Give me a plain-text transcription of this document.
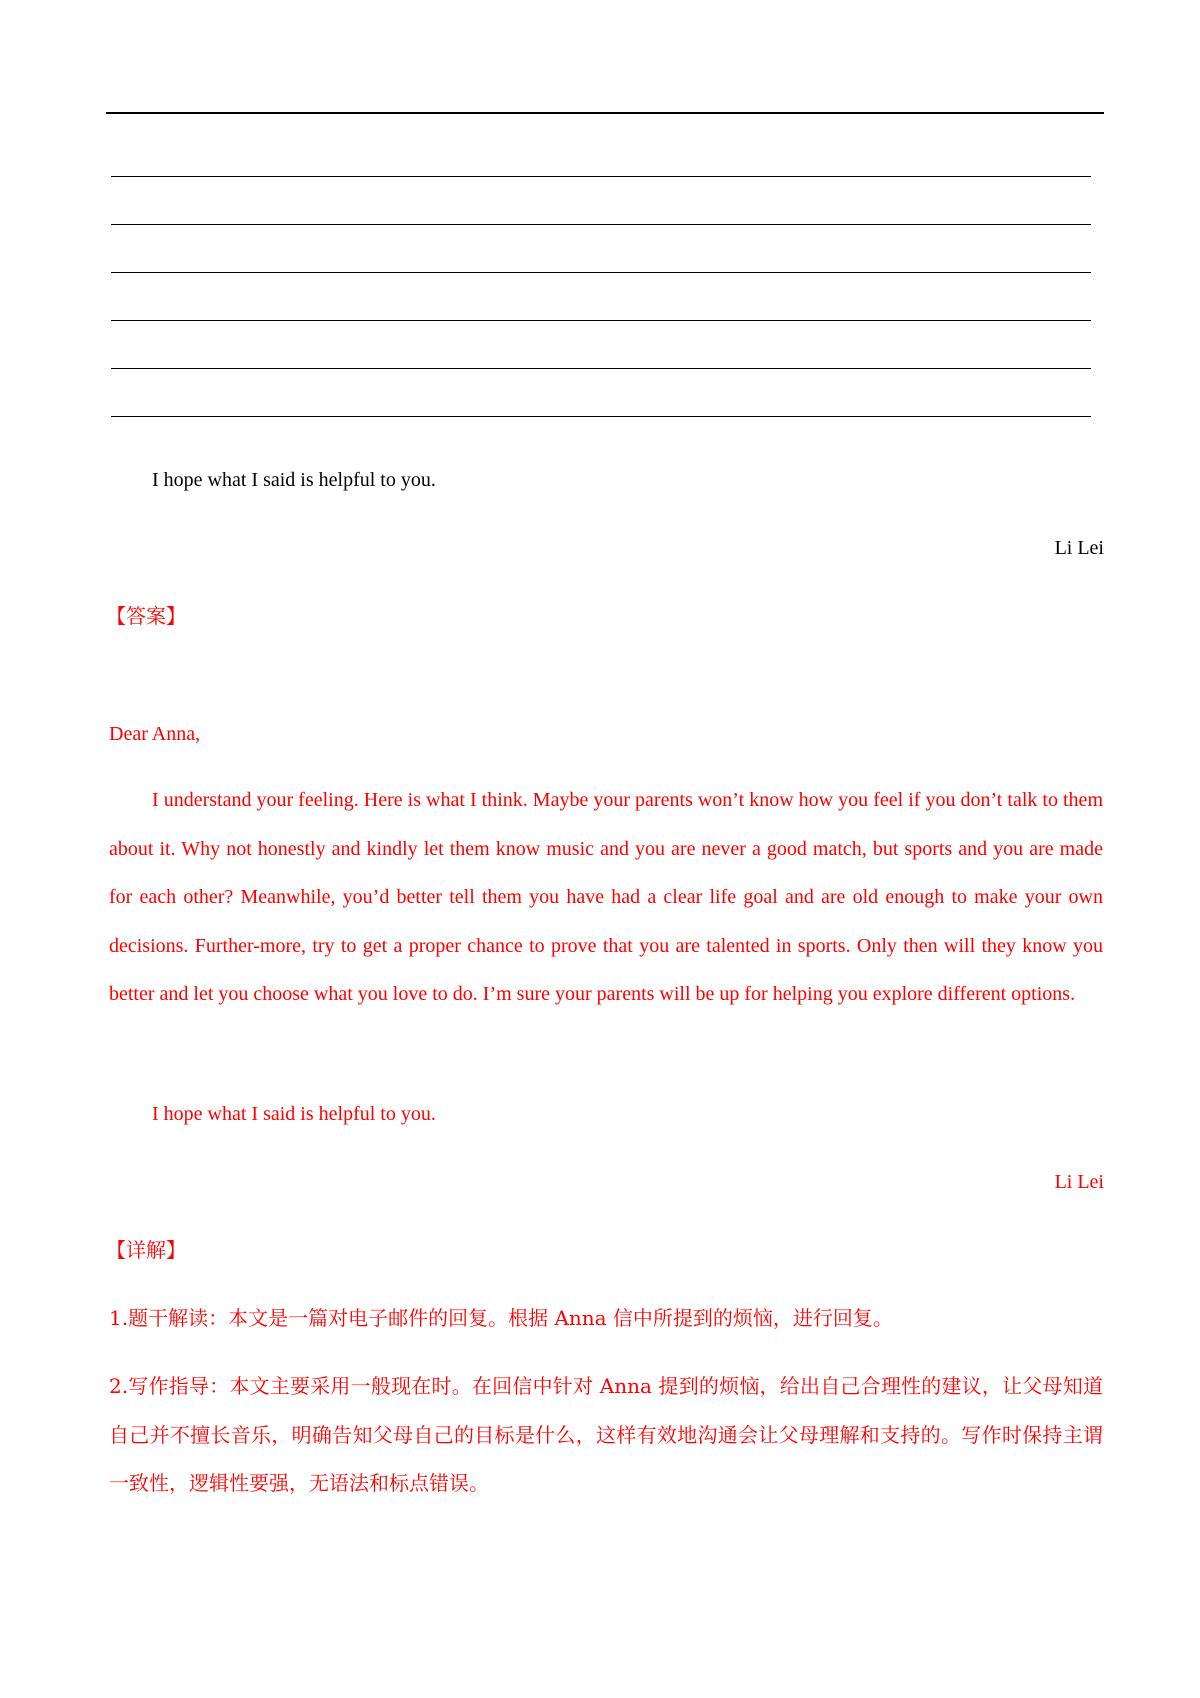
I hope what I said is helpful to you.
Li Lei
【答案】
Dear Anna,
I understand your feeling. Here is what I think. Maybe your parents won’t know how you feel if you don’t talk to them about it. Why not honestly and kindly let them know music and you are never a good match, but sports and you are made for each other? Meanwhile, you’d better tell them you have had a clear life goal and are old enough to make your own decisions. Further-more, try to get a proper chance to prove that you are talented in sports. Only then will they know you better and let you choose what you love to do. I’m sure your parents will be up for helping you explore different options.
I hope what I said is helpful to you.
Li Lei
【详解】
1.题干解读：本文是一篇对电子邮件的回复。根据 Anna 信中所提到的烦恼，进行回复。
2.写作指导：本文主要采用一般现在时。在回信中针对 Anna 提到的烦恼，给出自己合理性的建议，让父母知道自己并不擅长音乐，明确告知父母自己的目标是什么，这样有效地沟通会让父母理解和支持的。写作时保持主谓一致性，逻辑性要强，无语法和标点错误。
